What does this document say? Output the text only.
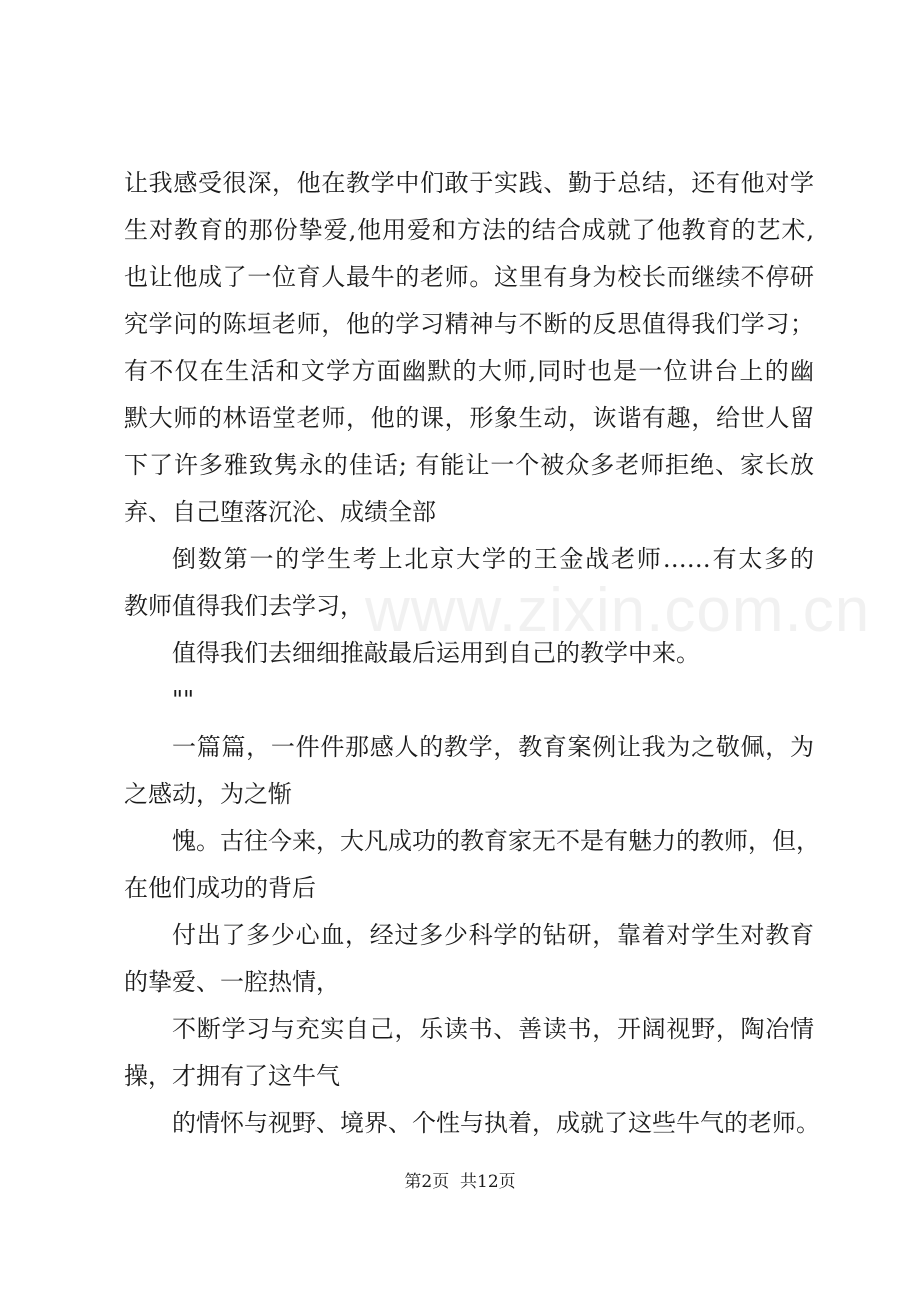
www.zixin.com.cn
让我感受很深，他在教学中们敢于实践、勤于总结，还有他对学
生对教育的那份挚爱,他用爱和方法的结合成就了他教育的艺术,
也让他成了一位育人最牛的老师。这里有身为校长而继续不停研
究学问的陈垣老师，他的学习精神与不断的反思值得我们学习；
有不仅在生活和文学方面幽默的大师,同时也是一位讲台上的幽
默大师的林语堂老师，他的课，形象生动，诙谐有趣，给世人留
下了许多雅致隽永的佳话; 有能让一个被众多老师拒绝、家长放
弃、自己堕落沉沦、成绩全部
倒数第一的学生考上北京大学的王金战老师……有太多的
教师值得我们去学习，
值得我们去细细推敲最后运用到自己的教学中来。
""
一篇篇，一件件那感人的教学，教育案例让我为之敬佩，为
之感动，为之惭
愧。古往今来，大凡成功的教育家无不是有魅力的教师，但，
在他们成功的背后
付出了多少心血，经过多少科学的钻研，靠着对学生对教育
的挚爱、一腔热情，
不断学习与充实自己，乐读书、善读书，开阔视野，陶冶情
操，才拥有了这牛气
的情怀与视野、境界、个性与执着，成就了这些牛气的老师。
第2页  共12页
